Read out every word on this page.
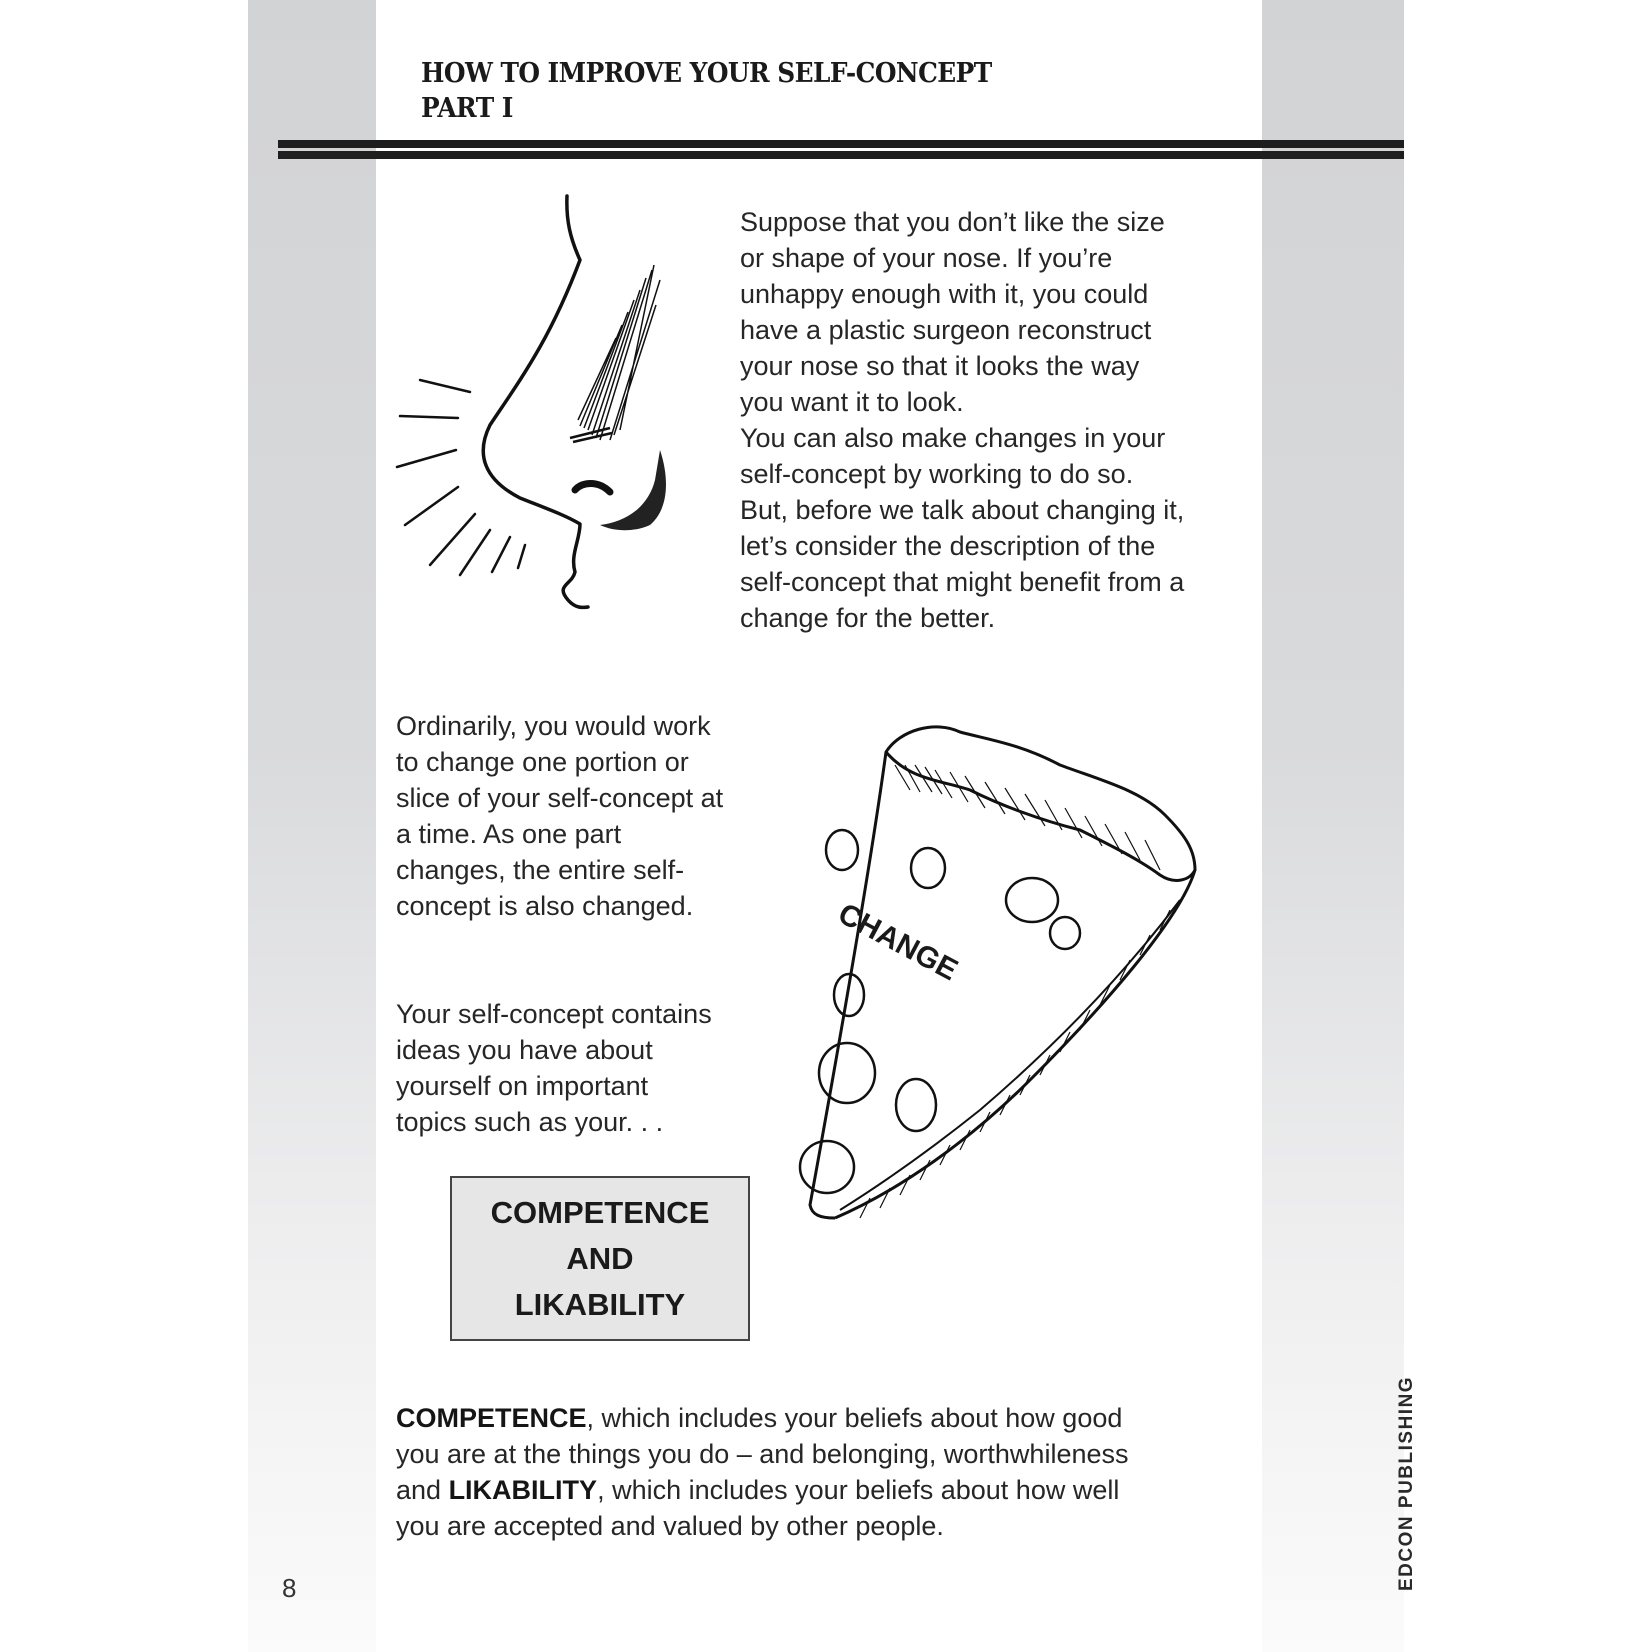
HOW TO IMPROVE YOUR SELF-CONCEPT
PART I
Suppose that you don’t like the size
or shape of your nose. If you’re
unhappy enough with it, you could
have a plastic surgeon reconstruct
your nose so that it looks the way
you want it to look.
You can also make changes in your
self-concept by working to do so.
But, before we talk about changing it,
let’s consider the description of the
self-concept that might benefit from a
change for the better.
Ordinarily, you would work
to change one portion or
slice of your self-concept at
a time. As one part
changes, the entire self-
concept is also changed.	CHANGE
Your self-concept contains
ideas you have about
yourself on important
topics such as your. . .
COMPETENCE
AND
LIKABILITY
COMPETENCE, which includes your beliefs about how good
you are at the things you do – and belonging, worthwhileness
and LIKABILITY, which includes your beliefs about how well
you are accepted and valued by other people.
8	EDCON PUBLISHING
